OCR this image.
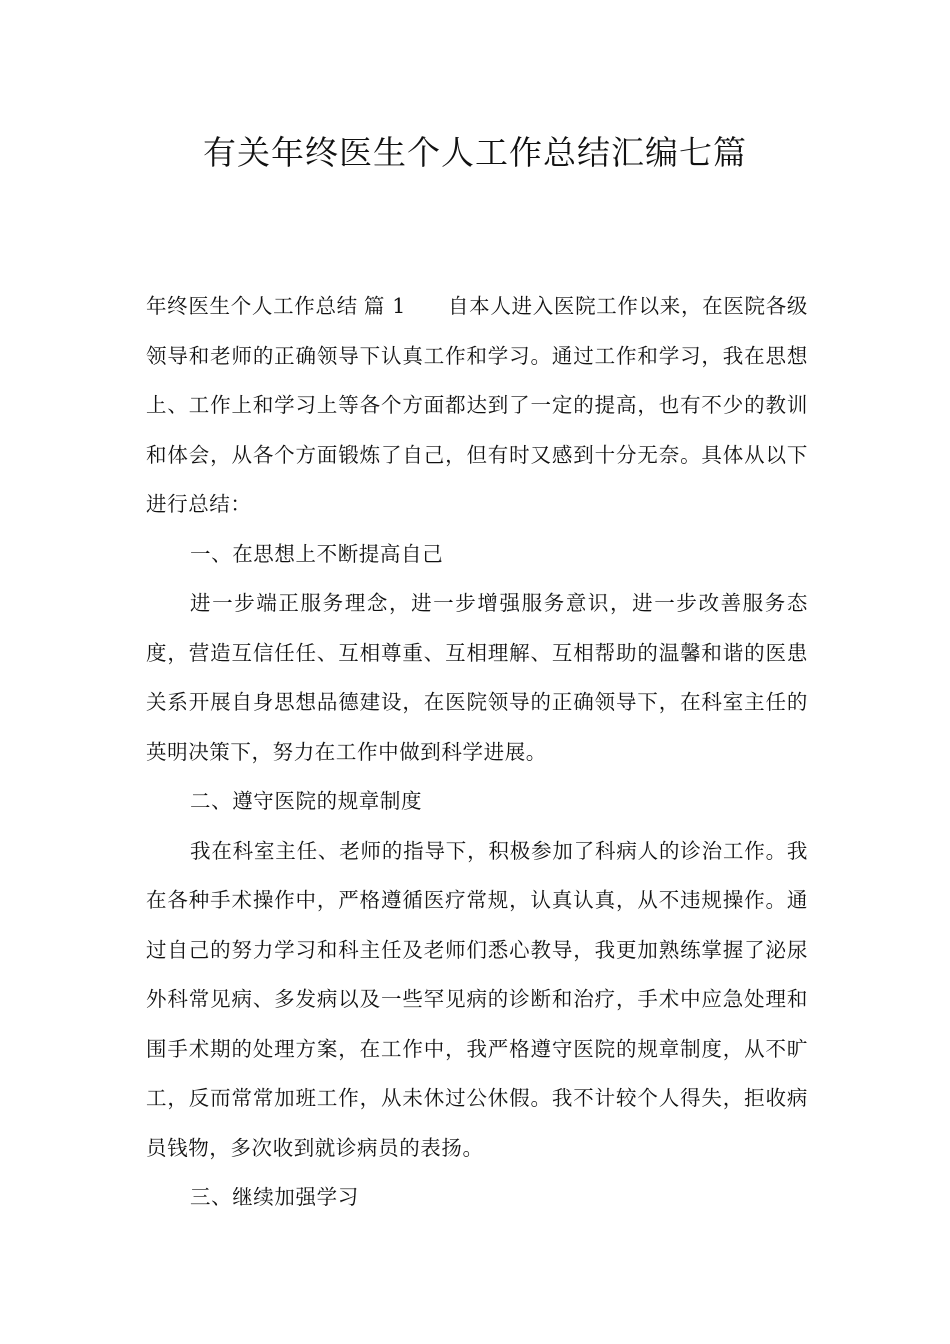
有关年终医生个人工作总结汇编七篇

年终医生个人工作总结 篇 1 自本人进入医院工作以来，在医院各级领导和老师的正确领导下认真工作和学习。通过工作和学习，我在思想上、工作上和学习上等各个方面都达到了一定的提高，也有不少的教训和体会，从各个方面锻炼了自己，但有时又感到十分无奈。具体从以下进行总结：

一、在思想上不断提高自己

进一步端正服务理念，进一步增强服务意识，进一步改善服务态度，营造互信任任、互相尊重、互相理解、互相帮助的温馨和谐的医患关系开展自身思想品德建设，在医院领导的正确领导下，在科室主任的英明决策下，努力在工作中做到科学进展。

二、遵守医院的规章制度

我在科室主任、老师的指导下，积极参加了科病人的诊治工作。我在各种手术操作中，严格遵循医疗常规，认真认真，从不违规操作。通过自己的努力学习和科主任及老师们悉心教导，我更加熟练掌握了泌尿外科常见病、多发病以及一些罕见病的诊断和治疗，手术中应急处理和围手术期的处理方案，在工作中，我严格遵守医院的规章制度，从不旷工，反而常常加班工作，从未休过公休假。我不计较个人得失，拒收病员钱物，多次收到就诊病员的表扬。

三、继续加强学习
